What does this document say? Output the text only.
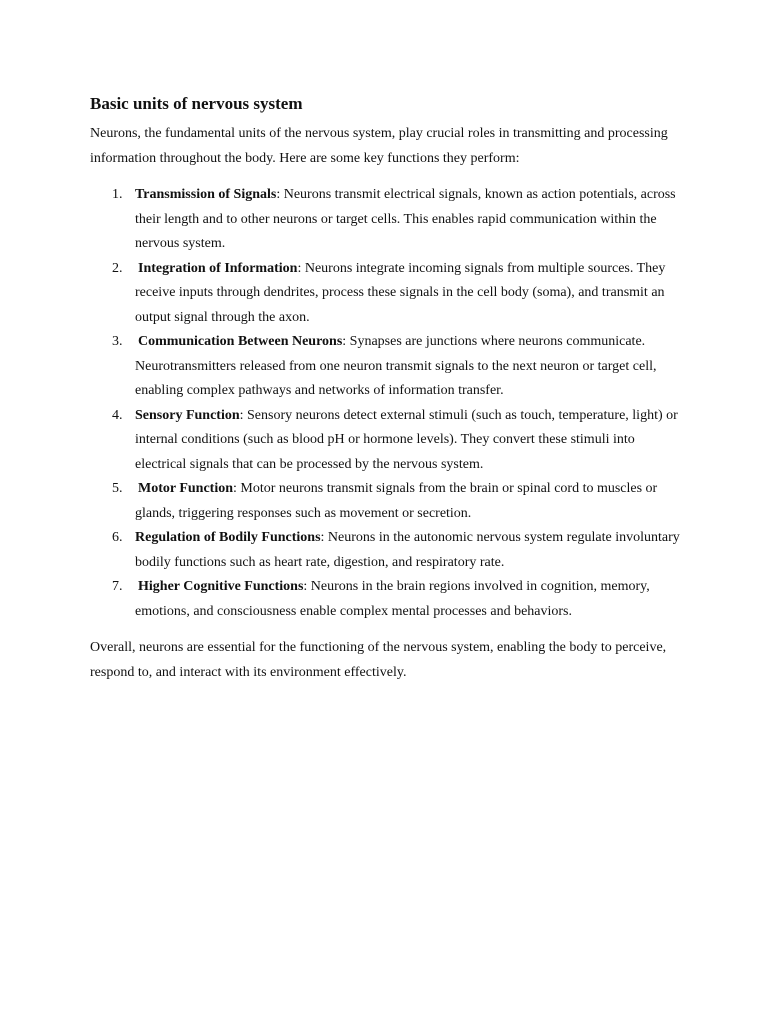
Basic units of nervous system

Neurons, the fundamental units of the nervous system, play crucial roles in transmitting and processing information throughout the body. Here are some key functions they perform:

1. Transmission of Signals: Neurons transmit electrical signals, known as action potentials, across their length and to other neurons or target cells. This enables rapid communication within the nervous system.
2. Integration of Information: Neurons integrate incoming signals from multiple sources. They receive inputs through dendrites, process these signals in the cell body (soma), and transmit an output signal through the axon.
3. Communication Between Neurons: Synapses are junctions where neurons communicate. Neurotransmitters released from one neuron transmit signals to the next neuron or target cell, enabling complex pathways and networks of information transfer.
4. Sensory Function: Sensory neurons detect external stimuli (such as touch, temperature, light) or internal conditions (such as blood pH or hormone levels). They convert these stimuli into electrical signals that can be processed by the nervous system.
5. Motor Function: Motor neurons transmit signals from the brain or spinal cord to muscles or glands, triggering responses such as movement or secretion.
6. Regulation of Bodily Functions: Neurons in the autonomic nervous system regulate involuntary bodily functions such as heart rate, digestion, and respiratory rate.
7. Higher Cognitive Functions: Neurons in the brain regions involved in cognition, memory, emotions, and consciousness enable complex mental processes and behaviors.

Overall, neurons are essential for the functioning of the nervous system, enabling the body to perceive, respond to, and interact with its environment effectively.
